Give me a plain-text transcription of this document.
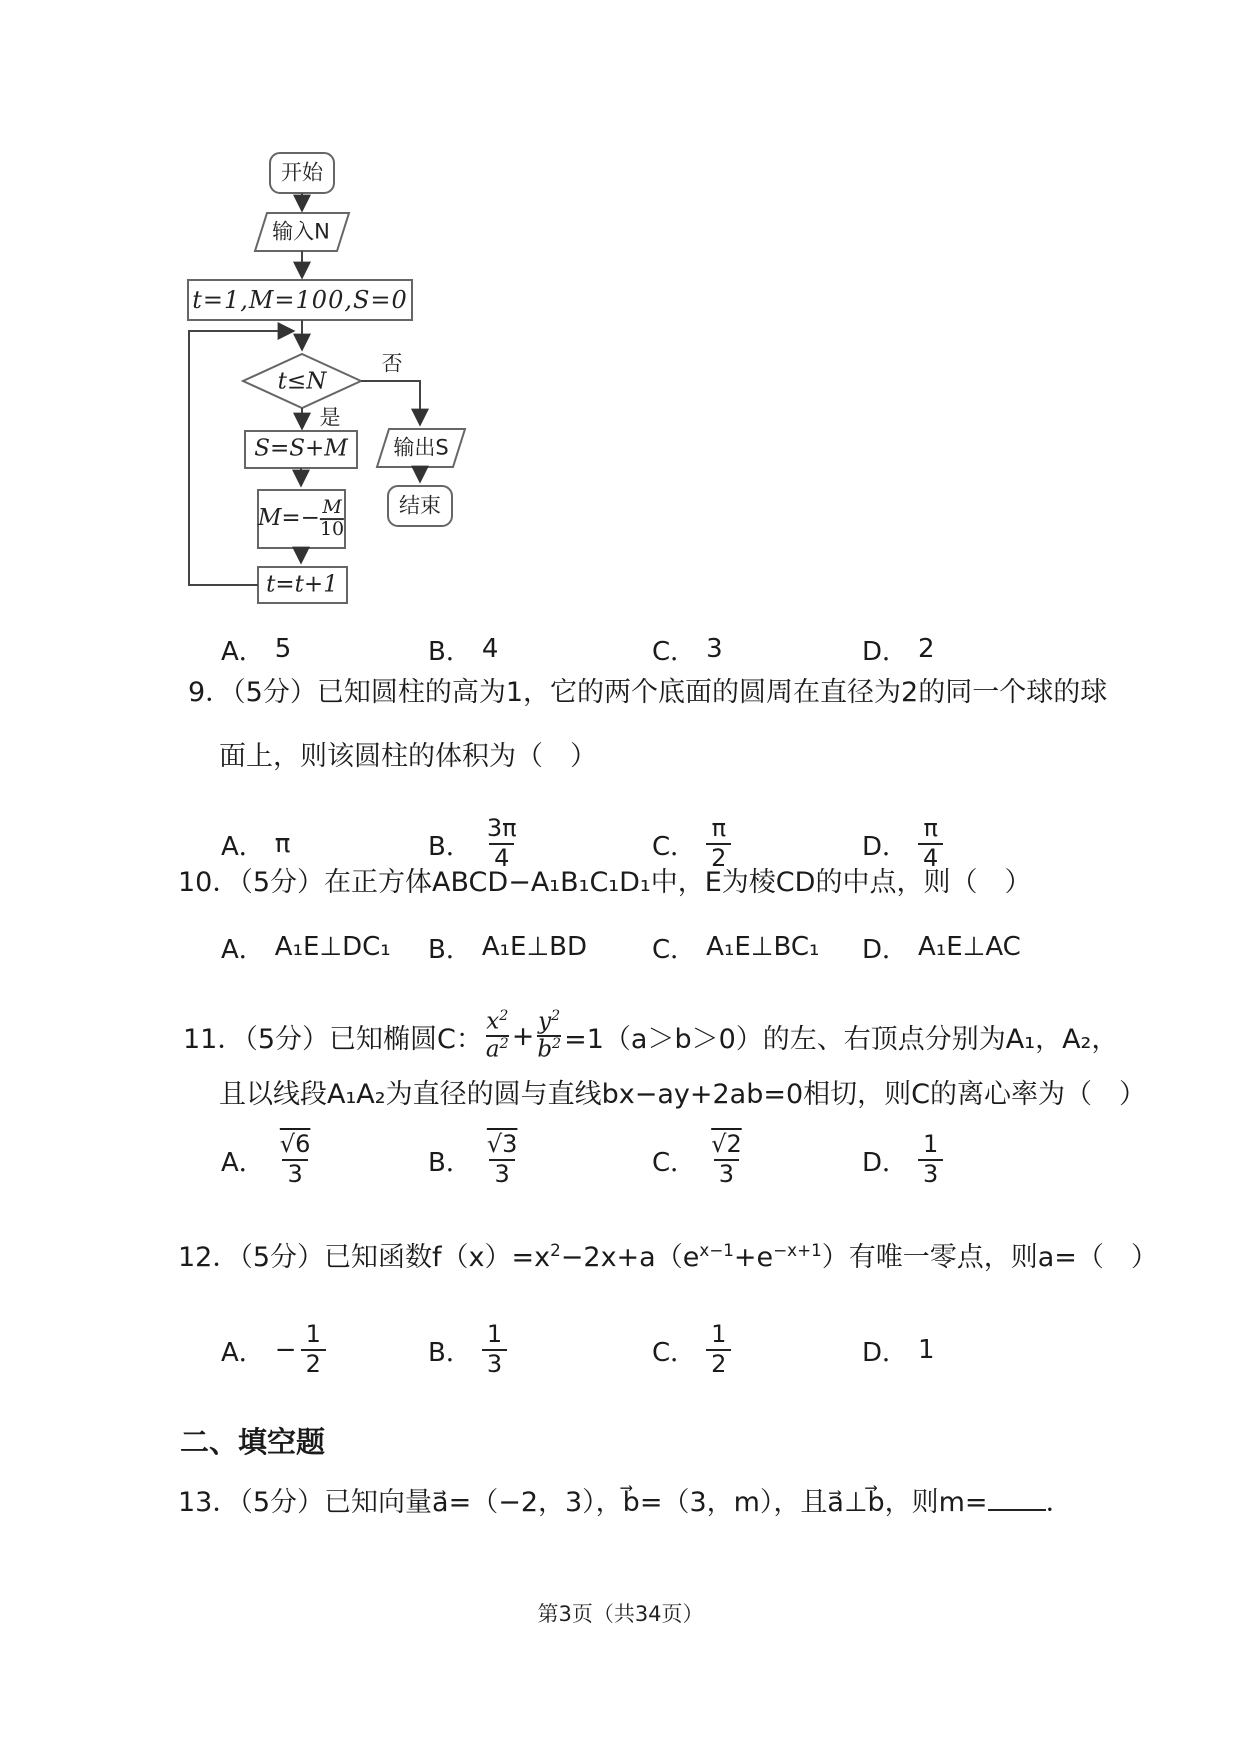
开始
输入N
t=1,M=100,S=0
t≤N
否
是
S=S+M 输出S
结束
$M=- \frac{M}{10}$
t=t+1
A． 5	B． 4	C． 3	D． 2
9．（5分）已知圆柱的高为1，它的两个底面的圆周在直径为2的同一个球的球
面上，则该圆柱的体积为（　）
A． π	B． $\frac{3\pi}{4}$	C． $\frac{\pi}{2}$	D． $\frac{\pi}{4}$
10．（5分）在正方体ABCD−A₁B₁C₁D₁中，E为棱CD的中点，则（　）
A． A₁E⊥DC₁ B． A₁E⊥BD	C． A₁E⊥BC₁ D． A₁E⊥AC
11．（5分）已知椭圆C： $\frac{x^2}{a^2} + \frac{y^2}{b^2} =1(a>b>0)$的左、右顶点分别为A₁，A₂，
且以线段A₁A₂为直径的圆与直线bx−ay+2ab=0相切，则C的离心率为（　）
A． $\frac{√6}{3}$	B． $\frac{√3}{3}$	C． $\frac{√2}{3}$	D． $\frac{1}{3}$
12．（5分）已知函数$f(x)=x^2-2x+a(e^{x-1}+e^{-x+1})$有唯一零点，则a=（　）
A． − $\frac{1}{2}$	B． $\frac{1}{3}$	C． $\frac{1}{2}$	D． 1
二、填空题
13．（5分）已知向量a⃗=（−2，3），b⃗=（3，m），且a⃗⊥b⃗，则m= ．
第3页（共34页）
